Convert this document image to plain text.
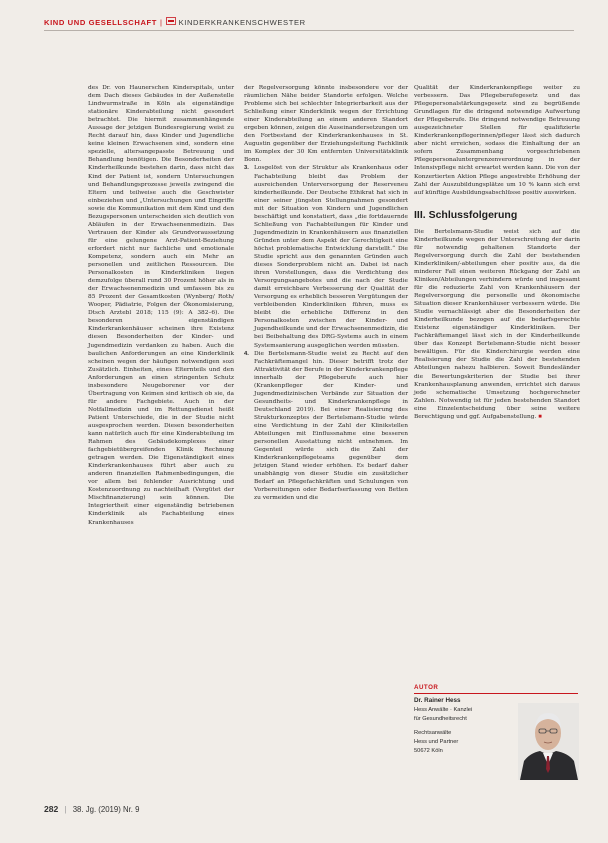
KIND UND GESELLSCHAFT | KINDERKRANKENSCHWESTER

des Dr. von Haunerschen Kinderspitals, unter dem Dach dieses Gebäudes in der Außenstelle Lindwurmstraße in Köln als eigenständige stationäre Kinderabteilung nicht gesondert betrachtet. Die hiermit zusammenhängende Aussage der jetzigen Bundesregierung weist zu Recht darauf hin, dass Kinder und Jugendliche keine kleinen Erwachsenen sind, sondern eine spezielle, altersangepasste Betreuung und Behandlung benötigen. Die Besonderheiten der Kinderheilkunde bestehen darin, dass nicht das Kind der Patient ist, sondern Untersuchungen und Behandlungsprozesse jeweils zwingend die Eltern und teilweise auch die Geschwister einbeziehen und „Untersuchungen und Eingriffe sowie die Kommunikation mit dem Kind und den Bezugspersonen unterscheiden sich deutlich von Abläufen in der Erwachsenenmedizin. Das Vertrauen der Kinder als Grundvoraussetzung für eine gelungene Arzt-Patient-Beziehung erfordert nicht nur fachliche und emotionale Kompetenz, sondern auch ein Mehr an personellen und zeitlichen Ressourcen. Die Personalkosten in Kinderkliniken liegen demzufolge überall rund 30 Prozent höher als in der Erwachsenenmedizin und umfassen bis zu 85 Prozent der Gesamtkosten (Wynberg/ Roth/ Wooper, Pädiatrie, Folgen der Ökonomisierung, Dtsch Arztebl 2018; 115 (9): A 382–6). Die besonderen eigenständigen Kinderkrankenhäuser scheinen ihre Existenz diesen Besonderheiten der Kinder- und Jugendmedizin verdanken zu haben. Auch die baulichen Anforderungen an eine Kinderklinik scheinen wegen der häufigen notwendigen sozi Zusätzlich. Einheiten, eines Elternteils und den Anforderungen an einen stringenten Schutz insbesondere Neugeborener vor der Übertragung von Keimen sind kritisch ob sie, da für andere Fachgebiete. Auch in der Notfallmedizin und im Rettungsdienst heißt Patient Unterschiede, die in der Studie nicht ausgesprochen werden. Diesen besonderheiten kann natürlich auch für eine Kinderabteilung im Rahmen des Gebäudekomplexes einer fachgebietübergreifenden Klinik Rechnung getragen werden. Die Eigenständigkeit eines Kinderkrankenhauses führt aber auch zu anderen finanziellen Rahmenbedingungen, die vor allem bei fehlender Ausrichtung und Kostenzuordnung zu nachteilhaft (Vergütet der Mischfinanzierung) sein können. Die Integriertheit einer eigenständig betriebenen Kinderklinik als Fachabteilung eines Krankenhauses

der Regelversorgung könnte insbesondere vor der räumlichen Nähe beider Standorte erfolgen. Welche Probleme sich bei schlechter Integrierbarkeit aus der Schließung einer Kinderklinik wegen der Errichtung einer Kinderabteilung an einem anderen Standort ergeben können, zeigen die Auseinandersetzungen um den Fortbestand der Kinderkrankenhauses in St. Augustin gegenüber der Erziehungsleitung Fachklinik im Komplex der 30 Km entfernten Universitätsklinik Bonn.

3. Losgelöst von der Struktur als Krankenhaus oder Fachabteilung bleibt das Problem der ausreichenden Unterversorgung der Reserveneu kinderheilkunde. Der Deutsche Ethikrat hat sich in einer seiner jüngsten Stellungnahmen gesondert mit der Situation von Kindern und Jugendlichen beschäftigt und konstatiert, dass „die fortdauernde Schließung von Fachabteilungen für Kinder und Jugendmedizin in Krankenhäusern aus finanziellen Gründen unter dem Aspekt der Gerechtigkeit eine höchst problematische Entwicklung darstellt.“ Die Studie spricht aus den genannten Gründen auch dieses Sonderproblem nicht an. Dabei ist nach ihren Vorstellungen, dass die Verdichtung des Versorgungsangebotes und die nach der Studie damit erreichbare Verbesserung der Qualität der Versorgung es erheblich besseren Vergütungen der verbleibenden Kinderkliniken führen, muss es bleibt die erhebliche Differenz in den Personalkosten zwischen der Kinder- und Jugendheilkunde und der Erwachsenenmedizin, die bei Beibehaltung des DRG-Systems auch in einem Systemsanierung ausgeglichen werden müssten.
4. Die Bertelsmann-Studie weist zu Recht auf den Fachkräftemangel hin. Dieser betrifft trotz der Attraktivität der Berufe in der Kinderkrankenpflege innerhalb der Pflegeberufe auch hier (Krankenpfleger der Kinder- und Jugendmedizinischen Verbände zur Situation der Gesundheits- und Kinderkrankenpflege in Deutschland 2019). Bei einer Realisierung des Strukturkonzeptes der Bertelsmann-Studie würde eine Verdichtung in der Zahl der Klinikstellen Abteilungen mit Einflussnahme eine besseren personellen Ausstattung nicht entnehmen. Im Gegenteil würde sich die Zahl der Kinderkrankenpflegeteams gegenüber dem jetzigen Stand wieder erhöhen. Es bedarf daher unabhängig von dieser Studie ein zusätzlicher Bedarf an Pflegefachkräften und Schulungen von Vorbereitungen oder Bedarfserfassung von Betten zu vermeiden und die

Qualität der Kinderkrankenpflege weiter zu verbessern. Das Pflegeberufegesetz und das Pflegepersonalstärkungsgesetz sind zu begrüßende Grundlagen für die dringend notwendige Aufwertung der Pflegeberufe. Die dringend notwendige Betreuung ausgezeichneter Stellen für qualifizierte Kinderkrankenpflegerinnen/pfleger lässt sich dadurch aber nicht erreichen, sodass die Einhaltung der an sofern Zusammenhang vorgeschriebenen Pflegepersonaluntergrenzenverordnung in der Intensivpflege nicht erwartet werden kann. Die von der Konzertierten Aktion Pflege angestrebte Erhöhung der Zahl der Auszubildungsplätze um 10 % kann sich erst auf künftige Ausbildungsabschlüsse positiv auswirken.

III. Schlussfolgerung

Die Bertelsmann-Studie weist sich auf die Kinderheilkunde wegen der Unterschreitung der darin für notwendig gehaltenen Standorte der Regelversorgung durch die Zahl der bestehenden Kinderkliniken/-abteilungen eher positiv aus, da die minderer Fall einen weiteren Rückgang der Zahl an Kliniken/Abteilungen verhindern würde und insgesamt für die reduzierte Zahl von Krankenhäusern der Regelversorgung die personelle und ökonomische Situation dieser Krankenhäuser verbessern würde. Die Studie vernachlässigt aber die Besonderheiten der Kinderheilkunde bezogen auf die bedarfsgerechte Existenz eigenständiger Kinderkliniken. Der Fachkräftemangel lässt sich in der Kinderheilkunde über das Konzept Bertelsmann-Studie nicht besser bewältigen. Für die Kinderchirurgie werden eine Realisierung der Studie die Zahl der bestehenden Abteilungen nahezu halbieren. Soweit Bundesländer die Bewertungskriterien der Studie bei ihrer Krankenhausplanung anwenden, errichtet sich daraus jede schematische Umsetzung hochgerechneter Zahlen. Notwendig ist für jeden bestehenden Standort eine Einzelentscheidung über seine weitere Berechtigung und ggf. Aufgabenstellung. ■

AUTOR
Dr. Rainer Hess
Hess Anwälte · Kanzlei
für Gesundheitsrecht
Rechtsanwälte
Hess und Partner
50672 Köln
282 | 38. Jg. (2019) Nr. 9
